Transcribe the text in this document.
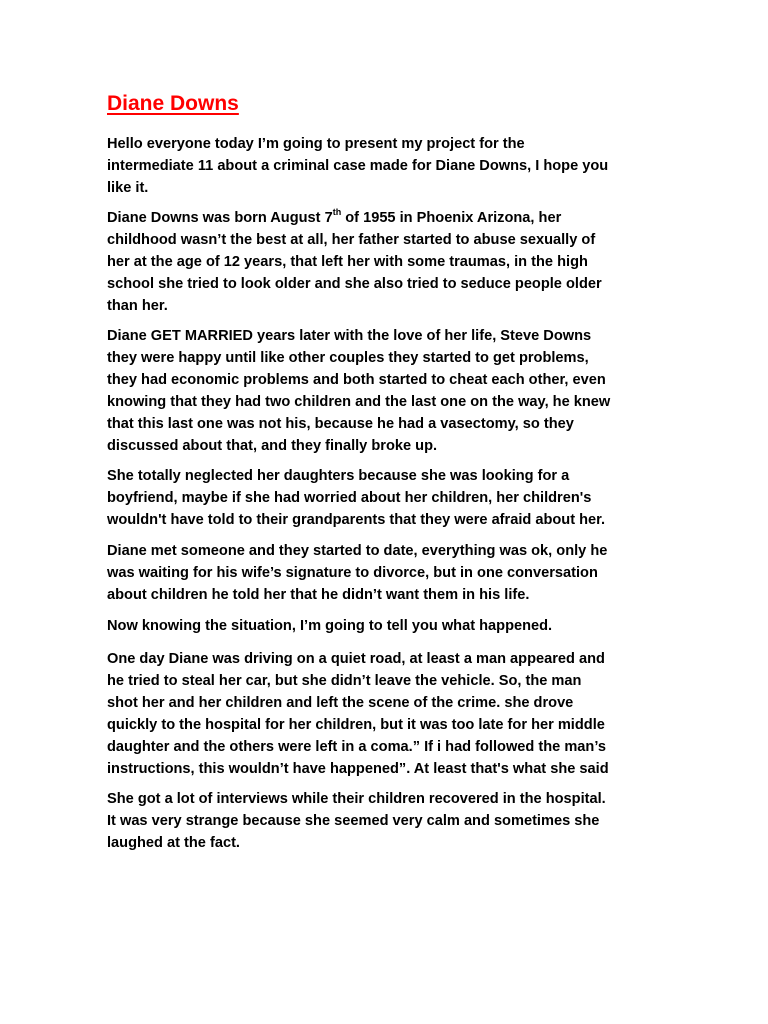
Diane Downs

Hello everyone today I’m going to present my project for the
intermediate 11 about a criminal case made for Diane Downs, I hope you
like it.

Diane Downs was born August 7th of 1955 in Phoenix Arizona, her
childhood wasn’t the best at all, her father started to abuse sexually of
her at the age of 12 years, that left her with some traumas, in the high
school she tried to look older and she also tried to seduce people older
than her.

Diane GET MARRIED years later with the love of her life, Steve Downs
they were happy until like other couples they started to get problems,
they had economic problems and both started to cheat each other, even
knowing that they had two children and the last one on the way, he knew
that this last one was not his, because he had a vasectomy, so they
discussed about that, and they finally broke up.

She totally neglected her daughters because she was looking for a
boyfriend, maybe if she had worried about her children, her children's
wouldn't have told to their grandparents that they were afraid about her.

Diane met someone and they started to date, everything was ok, only he
was waiting for his wife’s signature to divorce, but in one conversation
about children he told her that he didn’t want them in his life.

Now knowing the situation, I’m going to tell you what happened.

One day Diane was driving on a quiet road, at least a man appeared and
he tried to steal her car, but she didn’t leave the vehicle. So, the man
shot her and her children and left the scene of the crime. she drove
quickly to the hospital for her children, but it was too late for her middle
daughter and the others were left in a coma.” If i had followed the man’s
instructions, this wouldn’t have happened”. At least that's what she said

She got a lot of interviews while their children recovered in the hospital.
It was very strange because she seemed very calm and sometimes she
laughed at the fact.
